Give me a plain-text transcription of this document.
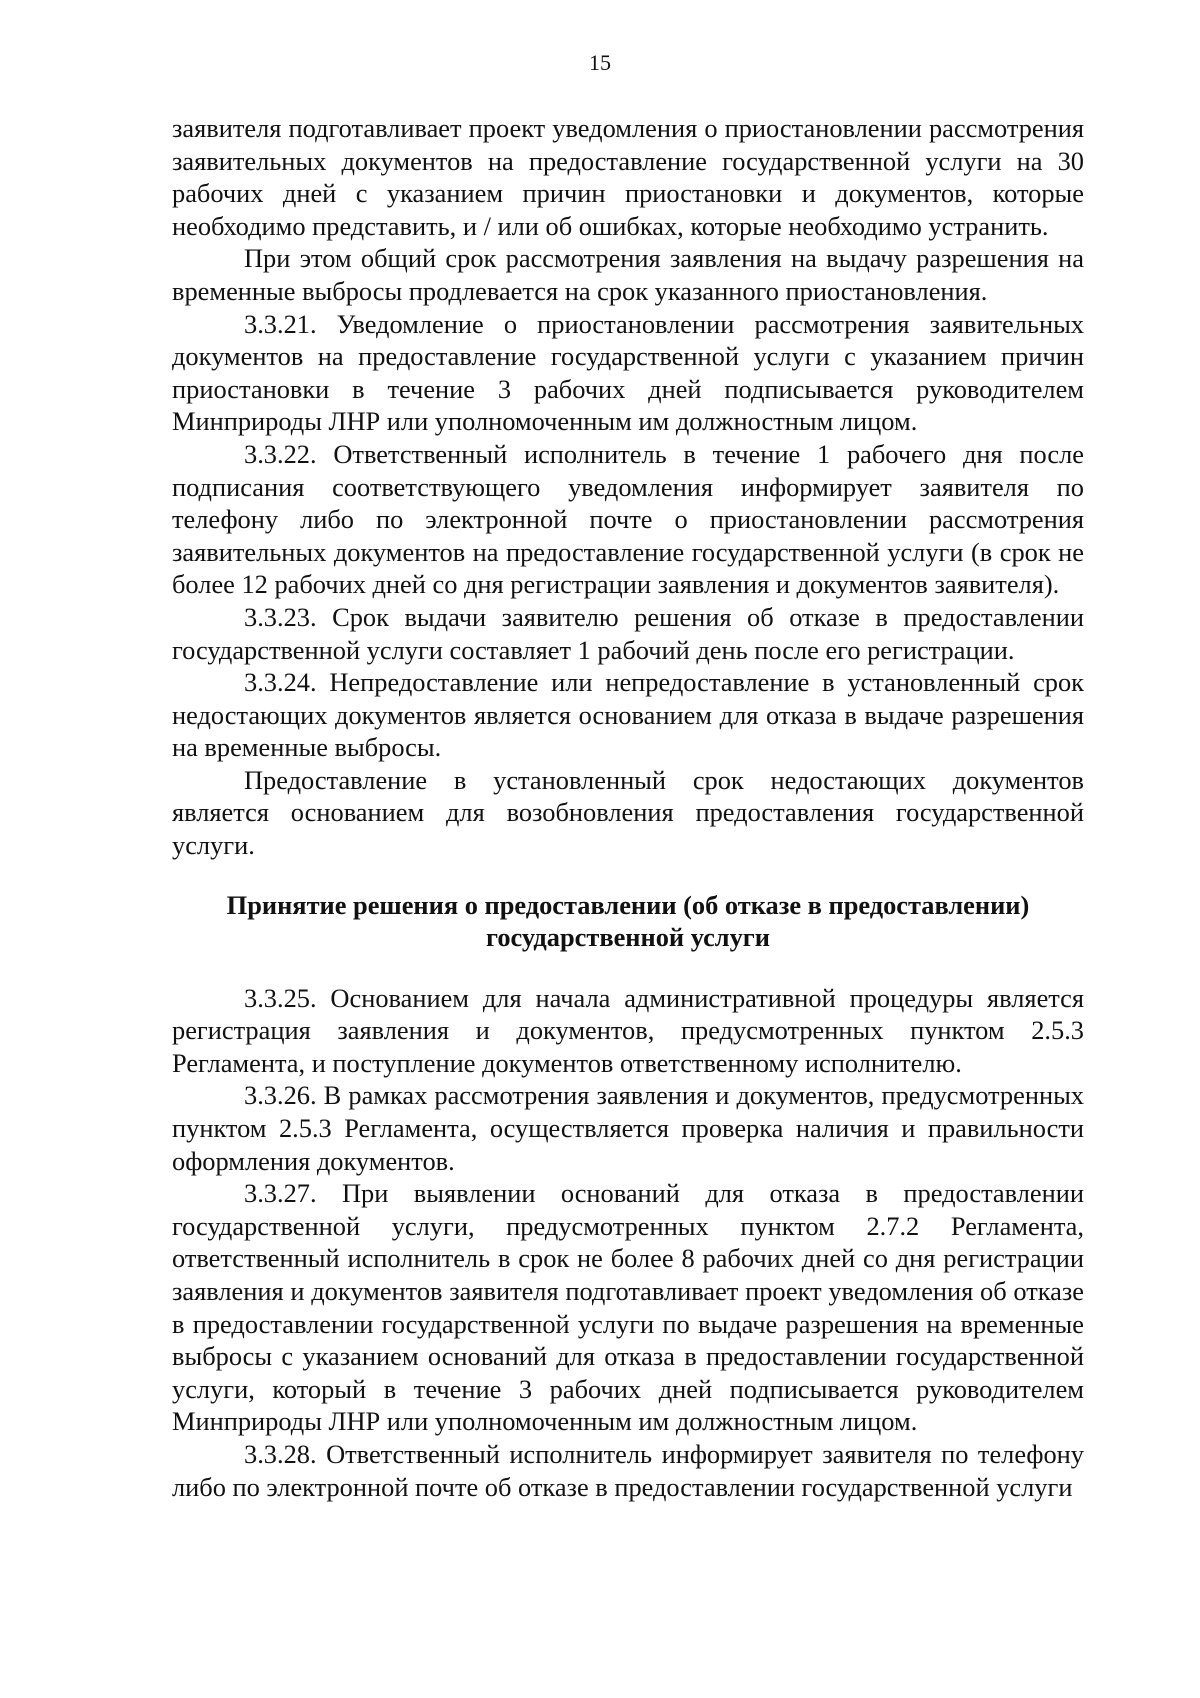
15

заявителя подготавливает проект уведомления о приостановлении рассмотрения заявительных документов на предоставление государственной услуги на 30 рабочих дней с указанием причин приостановки и документов, которые необходимо представить, и / или об ошибках, которые необходимо устранить.

При этом общий срок рассмотрения заявления на выдачу разрешения на временные выбросы продлевается на срок указанного приостановления.

3.3.21. Уведомление о приостановлении рассмотрения заявительных документов на предоставление государственной услуги с указанием причин приостановки в течение 3 рабочих дней подписывается руководителем Минприроды ЛНР или уполномоченным им должностным лицом.

3.3.22. Ответственный исполнитель в течение 1 рабочего дня после подписания соответствующего уведомления информирует заявителя по телефону либо по электронной почте о приостановлении рассмотрения заявительных документов на предоставление государственной услуги (в срок не более 12 рабочих дней со дня регистрации заявления и документов заявителя).

3.3.23. Срок выдачи заявителю решения об отказе в предоставлении государственной услуги составляет 1 рабочий день после его регистрации.

3.3.24. Непредоставление или непредоставление в установленный срок недостающих документов является основанием для отказа в выдаче разрешения на временные выбросы.

Предоставление в установленный срок недостающих документов является основанием для возобновления предоставления государственной услуги.

Принятие решения о предоставлении (об отказе в предоставлении)
государственной услуги

3.3.25. Основанием для начала административной процедуры является регистрация заявления и документов, предусмотренных пунктом 2.5.3 Регламента, и поступление документов ответственному исполнителю.

3.3.26. В рамках рассмотрения заявления и документов, предусмотренных пунктом 2.5.3 Регламента, осуществляется проверка наличия и правильности оформления документов.

3.3.27. При выявлении оснований для отказа в предоставлении государственной услуги, предусмотренных пунктом 2.7.2 Регламента, ответственный исполнитель в срок не более 8 рабочих дней со дня регистрации заявления и документов заявителя подготавливает проект уведомления об отказе в предоставлении государственной услуги по выдаче разрешения на временные выбросы с указанием оснований для отказа в предоставлении государственной услуги, который в течение 3 рабочих дней подписывается руководителем Минприроды ЛНР или уполномоченным им должностным лицом.

3.3.28. Ответственный исполнитель информирует заявителя по телефону либо по электронной почте об отказе в предоставлении государственной услуги
